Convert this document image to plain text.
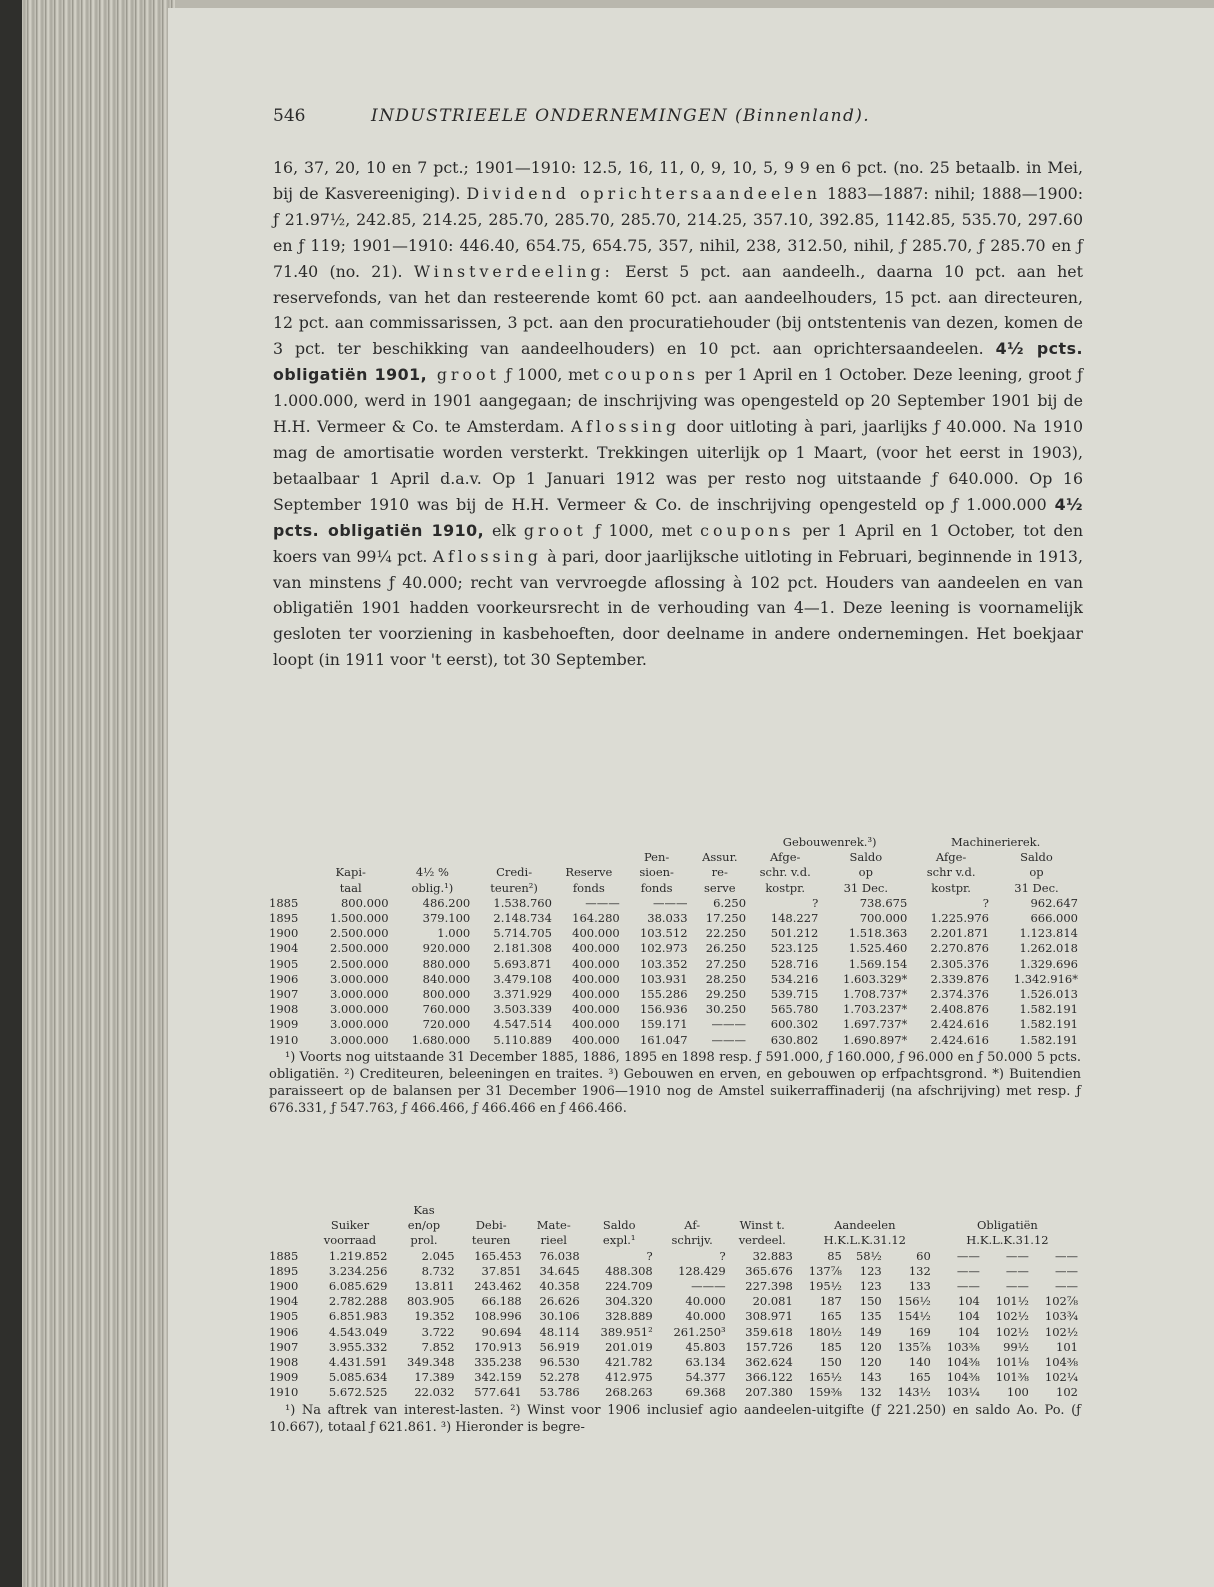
546	INDUSTRIEELE ONDERNEMINGEN (Binnenland).
16, 37, 20, 10 en 7 pct.; 1901—1910: 12.5, 16, 11, 0, 9, 10, 5, 9 9 en 6 pct. (no. 25 betaalb. in Mei, bij de Kasvereeniging). Dividend oprichtersaandeelen 1883—1887: nihil; 1888—1900: ƒ 21.97½, 242.85, 214.25, 285.70, 285.70, 285.70, 214.25, 357.10, 392.85, 1142.85, 535.70, 297.60 en ƒ 119; 1901—1910: 446.40, 654.75, 654.75, 357, nihil, 238, 312.50, nihil, ƒ 285.70, ƒ 285.70 en ƒ 71.40 (no. 21). Winstverdeeling: Eerst 5 pct. aan aandeelh., daarna 10 pct. aan het reservefonds, van het dan resteerende komt 60 pct. aan aandeelhouders, 15 pct. aan directeuren, 12 pct. aan commissarissen, 3 pct. aan den procuratiehouder (bij ontstentenis van dezen, komen de 3 pct. ter beschikking van aandeelhouders) en 10 pct. aan oprichtersaandeelen. 4½ pcts. obligatiën 1901, groot ƒ 1000, met coupons per 1 April en 1 October. Deze leening, groot ƒ 1.000.000, werd in 1901 aangegaan; de inschrijving was opengesteld op 20 September 1901 bij de H.H. Vermeer & Co. te Amsterdam. Aflossing door uitloting à pari, jaarlijks ƒ 40.000. Na 1910 mag de amortisatie worden versterkt. Trekkingen uiterlijk op 1 Maart, (voor het eerst in 1903), betaalbaar 1 April d.a.v. Op 1 Januari 1912 was per resto nog uitstaande ƒ 640.000. Op 16 September 1910 was bij de H.H. Vermeer & Co. de inschrijving opengesteld op ƒ 1.000.000 4½ pcts. obligatiën 1910, elk groot ƒ 1000, met coupons per 1 April en 1 October, tot den koers van 99¼ pct. Aflossing à pari, door jaarlijksche uitloting in Februari, beginnende in 1913, van minstens ƒ 40.000; recht van vervroegde aflossing à 102 pct. Houders van aandeelen en van obligatiën 1901 hadden voorkeursrecht in de verhouding van 4—1. Deze leening is voornamelijk gesloten ter voorziening in kasbehoeften, door deelname in andere ondernemingen. Het boekjaar loopt (in 1911 voor 't eerst), tot 30 September.
							Gebouwenrek.³)		Machinerierek.	
					Pen-	Assur.	Afge-	Saldo	Afge-	Saldo
	Kapi-	4½ %	Credi-	Reserve	sioen-	re-	schr. v.d.	op	schr v.d.	op
	taal	oblig.¹)	teuren²)	fonds	fonds	serve	kostpr.	31 Dec.	kostpr.	31 Dec.
1885	800.000	486.200	1.538.760	———	———	6.250	?	738.675	?	962.647
1895	1.500.000	379.100	2.148.734	164.280	38.033	17.250	148.227	700.000	1.225.976	666.000
1900	2.500.000	1.000	5.714.705	400.000	103.512	22.250	501.212	1.518.363	2.201.871	1.123.814
1904	2.500.000	920.000	2.181.308	400.000	102.973	26.250	523.125	1.525.460	2.270.876	1.262.018
1905	2.500.000	880.000	5.693.871	400.000	103.352	27.250	528.716	1.569.154	2.305.376	1.329.696
1906	3.000.000	840.000	3.479.108	400.000	103.931	28.250	534.216	1.603.329*	2.339.876	1.342.916*
1907	3.000.000	800.000	3.371.929	400.000	155.286	29.250	539.715	1.708.737*	2.374.376	1.526.013
1908	3.000.000	760.000	3.503.339	400.000	156.936	30.250	565.780	1.703.237*	2.408.876	1.582.191
1909	3.000.000	720.000	4.547.514	400.000	159.171	———	600.302	1.697.737*	2.424.616	1.582.191
1910	3.000.000	1.680.000	5.110.889	400.000	161.047	———	630.802	1.690.897*	2.424.616	1.582.191
¹) Voorts nog uitstaande 31 December 1885, 1886, 1895 en 1898 resp. ƒ 591.000, ƒ 160.000, ƒ 96.000 en ƒ 50.000 5 pcts. obligatiën. ²) Crediteuren, beleeningen en traites. ³) Gebouwen en erven, en gebouwen op erfpachtsgrond. *) Buitendien paraisseert op de balansen per 31 December 1906—1910 nog de Amstel suikerraffinaderij (na afschrijving) met resp. ƒ 676.331, ƒ 547.763, ƒ 466.466, ƒ 466.466 en ƒ 466.466.
		Kas											
	Suiker	en/op	Debi-	Mate-	Saldo	Af-	Winst t.	Aandeelen			Obligatiën		
	voorraad	prol.	teuren	rieel	expl.¹	schrijv.	verdeel.	H.K.L.K.31.12			H.K.L.K.31.12		
1885	1.219.852	2.045	165.453	76.038	?	?	32.883	85	58½	60	——	——	——
1895	3.234.256	8.732	37.851	34.645	488.308	128.429	365.676	137⅞	123	132	——	——	——
1900	6.085.629	13.811	243.462	40.358	224.709	———	227.398	195½	123	133	——	——	——
1904	2.782.288	803.905	66.188	26.626	304.320	40.000	20.081	187	150	156½	104	101½	102⅞
1905	6.851.983	19.352	108.996	30.106	328.889	40.000	308.971	165	135	154½	104	102½	103¾
1906	4.543.049	3.722	90.694	48.114	389.951²	261.250³	359.618	180½	149	169	104	102½	102½
1907	3.955.332	7.852	170.913	56.919	201.019	45.803	157.726	185	120	135⅞	103⅜	99½	101
1908	4.431.591	349.348	335.238	96.530	421.782	63.134	362.624	150	120	140	104⅜	101⅛	104⅜
1909	5.085.634	17.389	342.159	52.278	412.975	54.377	366.122	165½	143	165	104⅜	101⅜	102¼
1910	5.672.525	22.032	577.641	53.786	268.263	69.368	207.380	159⅜	132	143½	103¼	100	102
¹) Na aftrek van interest-lasten. ²) Winst voor 1906 inclusief agio aandeelen-uitgifte (ƒ 221.250) en saldo Ao. Po. (ƒ 10.667), totaal ƒ 621.861. ³) Hieronder is begre-
